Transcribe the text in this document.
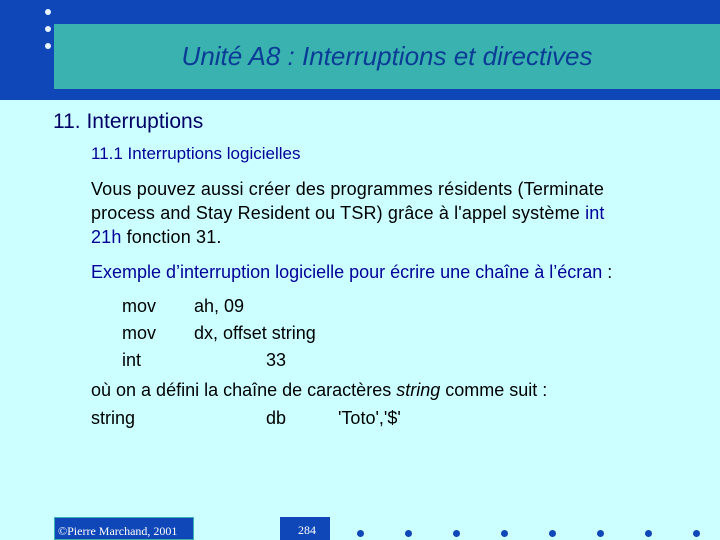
Unité A8 : Interruptions et directives
11. Interruptions
11.1 Interruptions logicielles
Vous pouvez aussi créer des programmes résidents (Terminate
process and Stay Resident ou TSR) grâce à l'appel système int
21h fonction 31.
Exemple d’interruption logicielle pour écrire une chaîne à l’écran :
mov ah, 09
mov dx, offset string
int	33
où on a défini la chaîne de caractères string comme suit :
string	db	'Toto','$'
©Pierre Marchand, 2001	284
